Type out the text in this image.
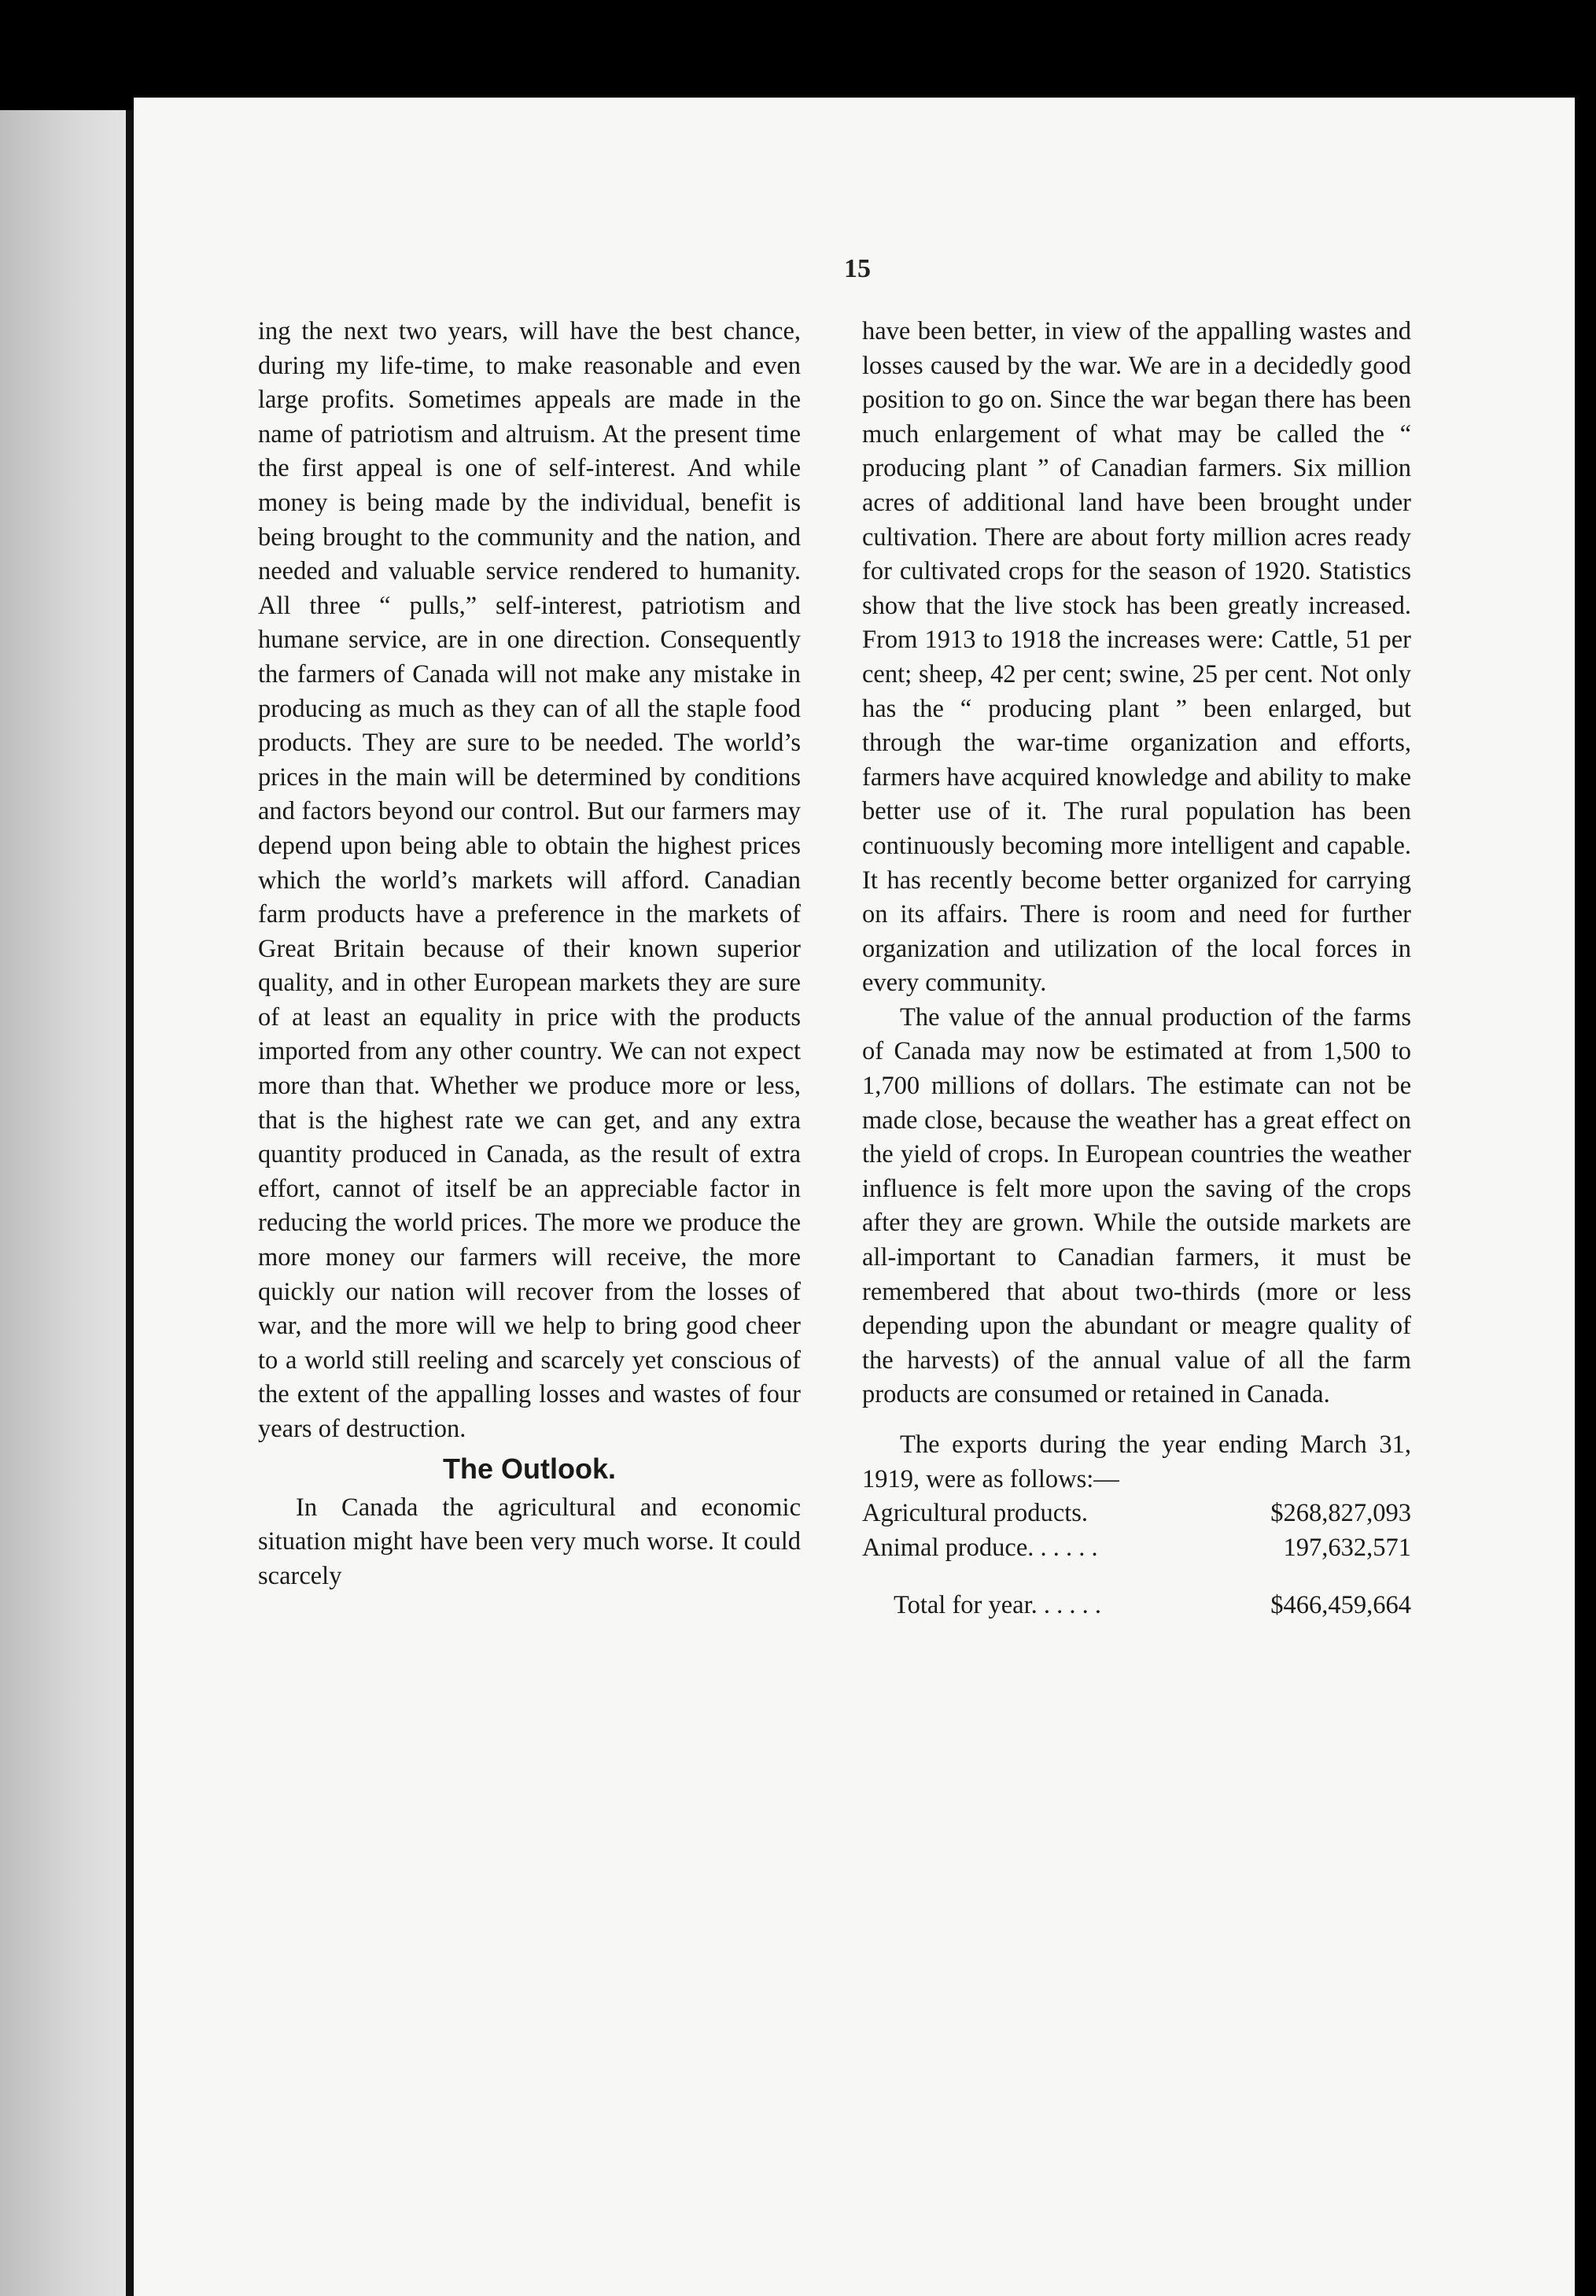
15

ing the next two years, will have the best chance, during my life-time, to make reasonable and even large profits. Sometimes appeals are made in the name of patriotism and altruism. At the present time the first appeal is one of self-interest. And while money is being made by the individual, benefit is being brought to the community and the nation, and needed and valuable service rendered to humanity. All three “ pulls,” self-interest, patriotism and humane service, are in one direction. Consequently the farmers of Canada will not make any mistake in producing as much as they can of all the staple food products. They are sure to be needed. The world’s prices in the main will be determined by conditions and factors beyond our control. But our farmers may depend upon being able to obtain the highest prices which the world’s markets will afford. Canadian farm products have a preference in the markets of Great Britain because of their known superior quality, and in other European markets they are sure of at least an equality in price with the products imported from any other country. We can not expect more than that. Whether we produce more or less, that is the highest rate we can get, and any extra quantity produced in Canada, as the result of extra effort, cannot of itself be an appreciable factor in reducing the world prices. The more we produce the more money our farmers will receive, the more quickly our nation will recover from the losses of war, and the more will we help to bring good cheer to a world still reeling and scarcely yet conscious of the extent of the appalling losses and wastes of four years of destruction.

The Outlook.

In Canada the agricultural and economic situation might have been very much worse. It could scarcely

have been better, in view of the appalling wastes and losses caused by the war. We are in a decidedly good position to go on. Since the war began there has been much enlargement of what may be called the “ producing plant ” of Canadian farmers. Six million acres of additional land have been brought under cultivation. There are about forty million acres ready for cultivated crops for the season of 1920. Statistics show that the live stock has been greatly increased. From 1913 to 1918 the increases were: Cattle, 51 per cent; sheep, 42 per cent; swine, 25 per cent. Not only has the “ producing plant ” been enlarged, but through the war-time organization and efforts, farmers have acquired knowledge and ability to make better use of it. The rural population has been continuously becoming more intelligent and capable. It has recently become better organized for carrying on its affairs. There is room and need for further organization and utilization of the local forces in every community.

The value of the annual production of the farms of Canada may now be estimated at from 1,500 to 1,700 millions of dollars. The estimate can not be made close, because the weather has a great effect on the yield of crops. In European countries the weather influence is felt more upon the saving of the crops after they are grown. While the outside markets are all-important to Canadian farmers, it must be remembered that about two-thirds (more or less depending upon the abundant or meagre quality of the harvests) of the annual value of all the farm products are consumed or retained in Canada.

The exports during the year ending March 31, 1919, were as follows:—

Agricultural products.	$268,827,093
Animal produce. . . . . .	197,632,571
Total for year. . . . . .	$466,459,664
